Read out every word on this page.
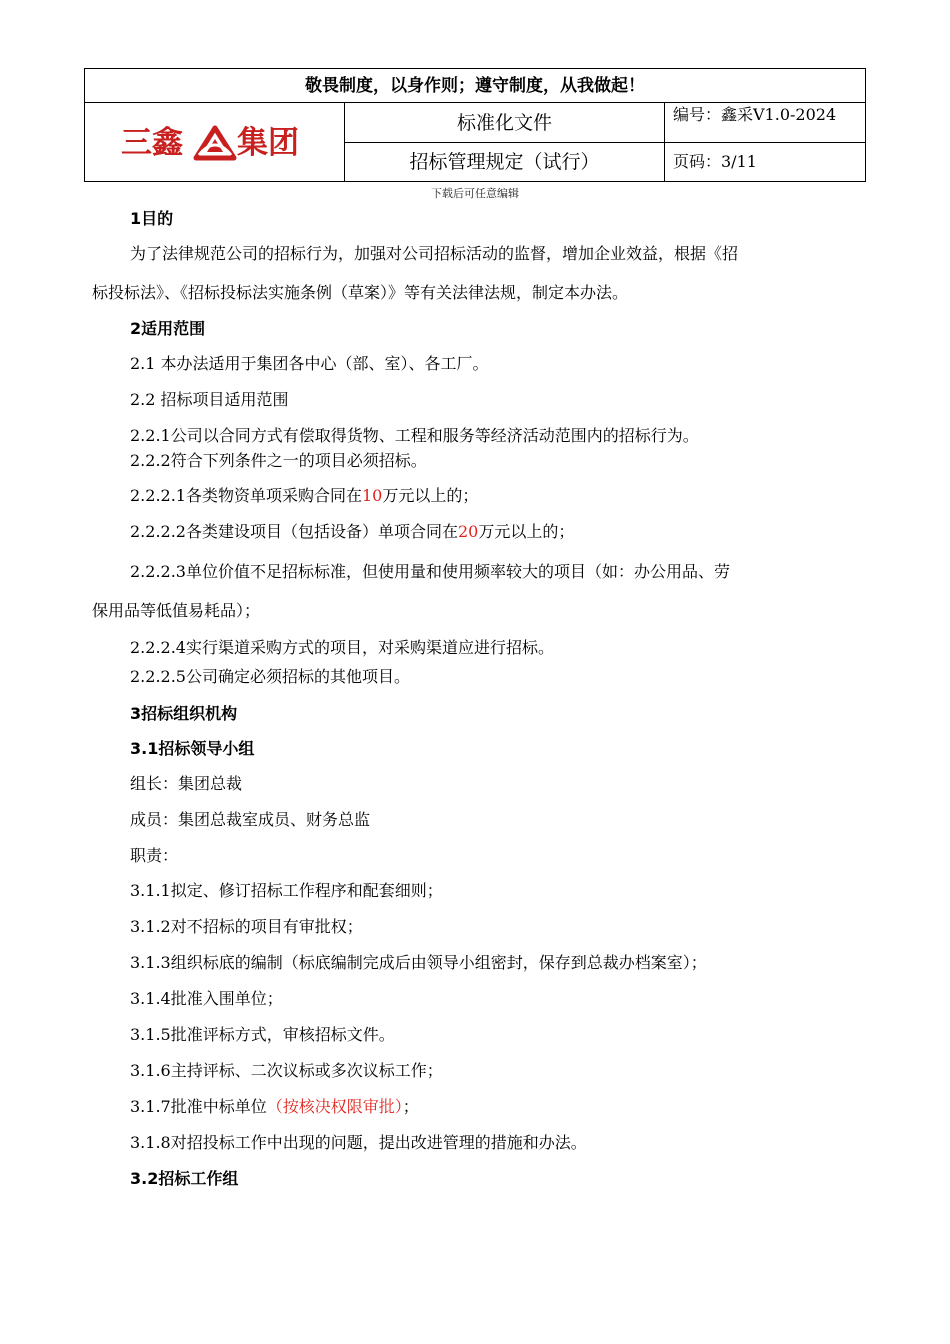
敬畏制度，以身作则；遵守制度，从我做起！
三鑫 集团
标准化文件
招标管理规定（试行）
编号：鑫采V1.0-2024
页码：3/11
下载后可任意编辑
1目的
为了法律规范公司的招标行为，加强对公司招标活动的监督，增加企业效益，根据《招
标投标法》、《招标投标法实施条例（草案）》等有关法律法规，制定本办法。
2适用范围
2.1 本办法适用于集团各中心（部、室）、各工厂。
2.2 招标项目适用范围
2.2.1公司以合同方式有偿取得货物、工程和服务等经济活动范围内的招标行为。
2.2.2符合下列条件之一的项目必须招标。
2.2.2.1各类物资单项采购合同在10万元以上的；
2.2.2.2各类建设项目（包括设备）单项合同在20万元以上的；
2.2.2.3单位价值不足招标标准，但使用量和使用频率较大的项目（如：办公用品、劳
保用品等低值易耗品）；
2.2.2.4实行渠道采购方式的项目，对采购渠道应进行招标。
2.2.2.5公司确定必须招标的其他项目。
3招标组织机构
3.1招标领导小组
组长：集团总裁
成员：集团总裁室成员、财务总监
职责：
3.1.1拟定、修订招标工作程序和配套细则；
3.1.2对不招标的项目有审批权；
3.1.3组织标底的编制（标底编制完成后由领导小组密封，保存到总裁办档案室）；
3.1.4批准入围单位；
3.1.5批准评标方式，审核招标文件。
3.1.6主持评标、二次议标或多次议标工作；
3.1.7批准中标单位（按核决权限审批）；
3.1.8对招投标工作中出现的问题，提出改进管理的措施和办法。
3.2招标工作组
